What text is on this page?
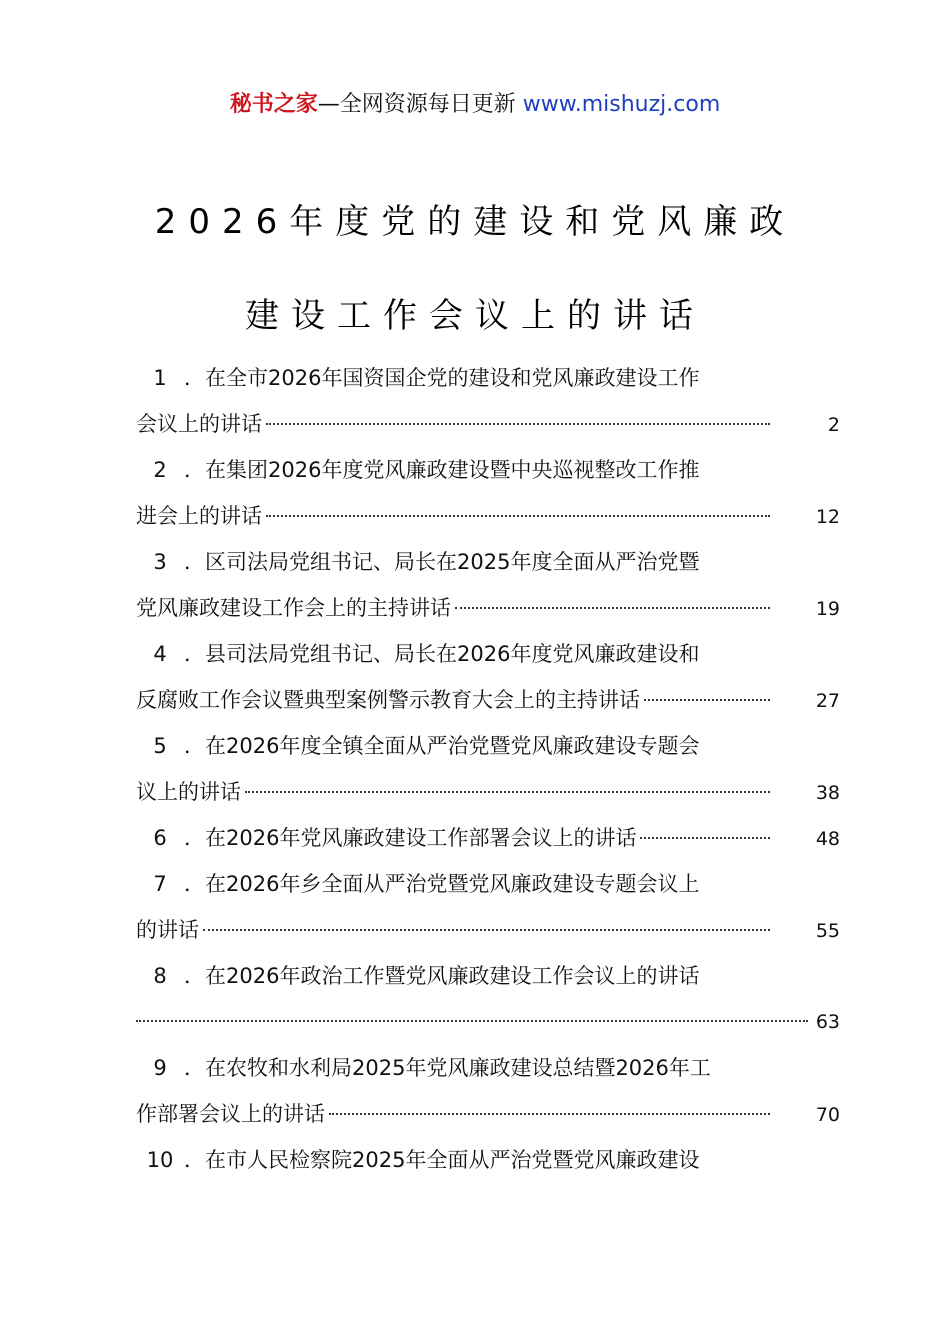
秘书之家—全网资源每日更新 www.mishuzj.com
2026年度党的建设和党风廉政
建设工作会议上的讲话
1 ．在全市2026年国资国企党的建设和党风廉政建设工作
会议上的讲话	2
2 ．在集团2026年度党风廉政建设暨中央巡视整改工作推
进会上的讲话	12
3 ．区司法局党组书记、局长在2025年度全面从严治党暨
党风廉政建设工作会上的主持讲话	19
4 ．县司法局党组书记、局长在2026年度党风廉政建设和
反腐败工作会议暨典型案例警示教育大会上的主持讲话	27
5 ．在2026年度全镇全面从严治党暨党风廉政建设专题会
议上的讲话	38
6 ．在2026年党风廉政建设工作部署会议上的讲话	48
7 ．在2026年乡全面从严治党暨党风廉政建设专题会议上
的讲话	55
8 ．在2026年政治工作暨党风廉政建设工作会议上的讲话
63
9 ．在农牧和水利局2025年党风廉政建设总结暨2026年工
作部署会议上的讲话	70
10 ．在市人民检察院2025年全面从严治党暨党风廉政建设
